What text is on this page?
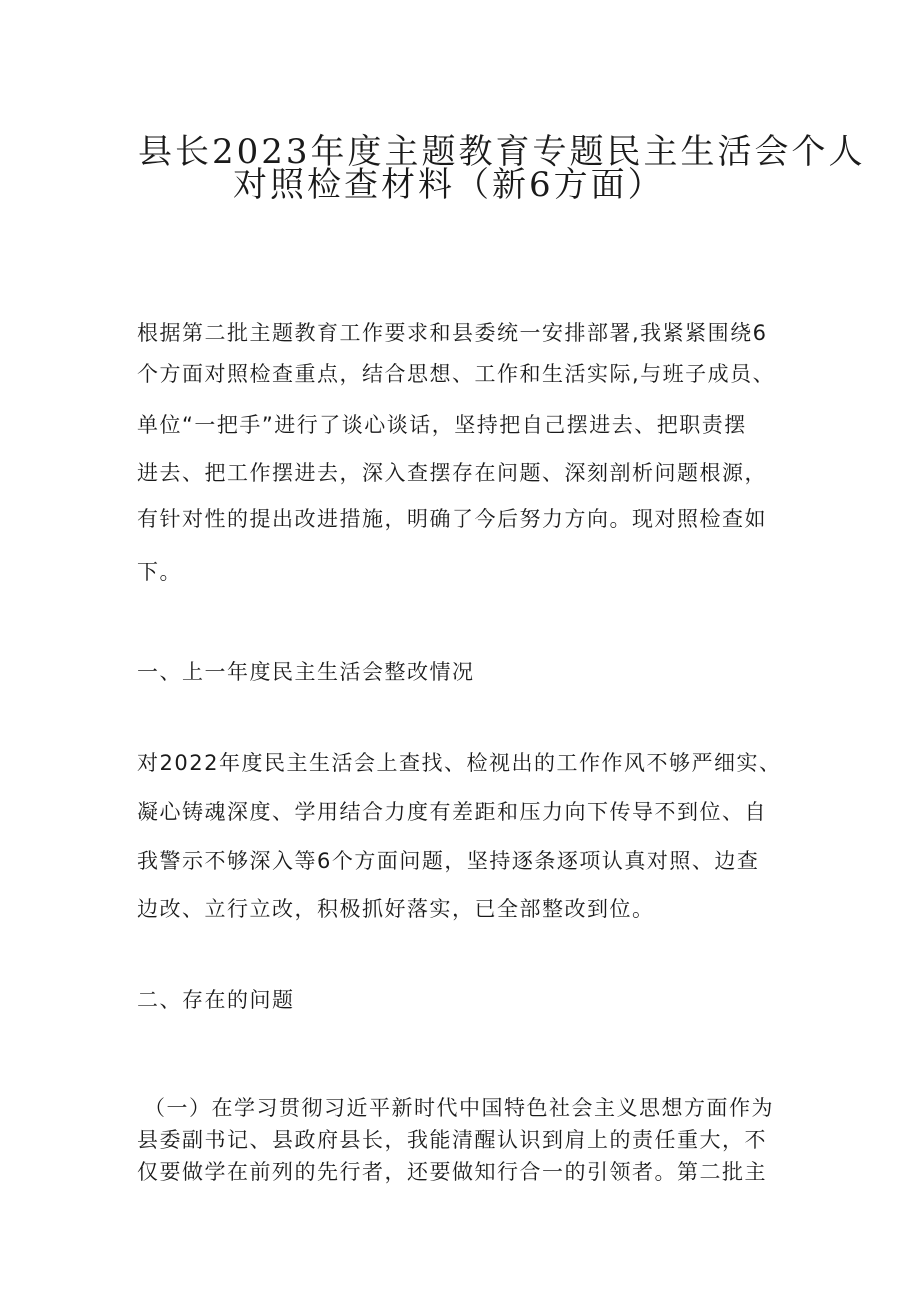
县长2023年度主题教育专题民主生活会个人
对照检查材料（新6方面）
根据第二批主题教育工作要求和县委统一安排部署,我紧紧围绕6
个方面对照检查重点，结合思想、工作和生活实际,与班子成员、
单位“一把手”进行了谈心谈话，坚持把自己摆进去、把职责摆
进去、把工作摆进去，深入查摆存在问题、深刻剖析问题根源，
有针对性的提出改进措施，明确了今后努力方向。现对照检查如
下。
一、上一年度民主生活会整改情况
对2022年度民主生活会上查找、检视出的工作作风不够严细实、
凝心铸魂深度、学用结合力度有差距和压力向下传导不到位、自
我警示不够深入等6个方面问题，坚持逐条逐项认真对照、边查
边改、立行立改，积极抓好落实，已全部整改到位。
二、存在的问题
（一）在学习贯彻习近平新时代中国特色社会主义思想方面作为
县委副书记、县政府县长，我能清醒认识到肩上的责任重大，不
仅要做学在前列的先行者，还要做知行合一的引领者。第二批主
